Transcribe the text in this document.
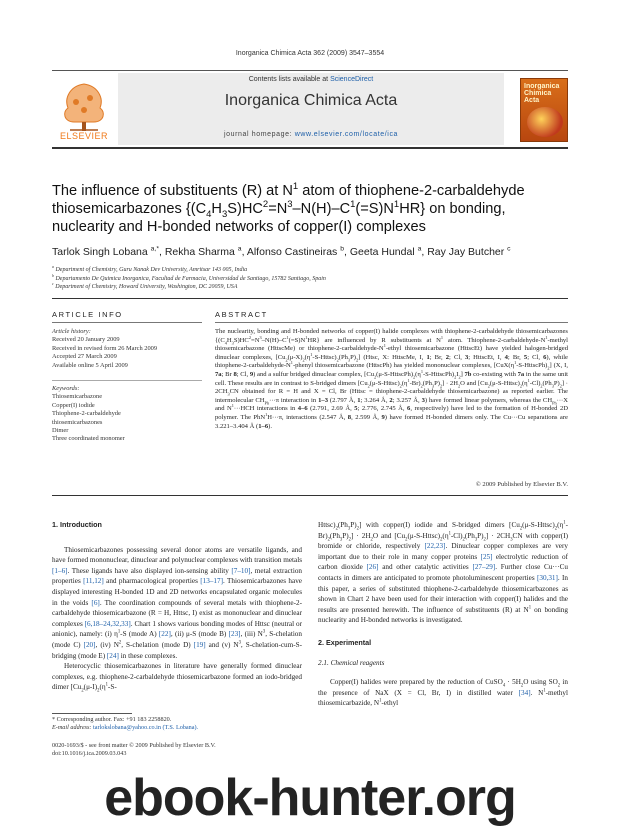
Inorganica Chimica Acta 362 (2009) 3547–3554
ELSEVIER
Contents lists available at ScienceDirect
Inorganica Chimica Acta
journal homepage: www.elsevier.com/locate/ica
Inorganica Chimica Acta
The influence of substituents (R) at $N^1$ atom of thiophene-2-carbaldehyde thiosemicarbazones $\{(C_4H_3S)HC^2=N^3-N(H)-C^1(=S)N^1HR\}$ on bonding, nuclearity and H-bonded networks of copper(I) complexes
Tarlok Singh Lobana $^{a,*}$, Rekha Sharma $^a$, Alfonso Castineiras $^b$, Geeta Hundal $^a$, Ray Jay Butcher $^c$
$^a$ Department of Chemistry, Guru Nanak Dev University, Amritsar 143 005, India
$^b$ Departamento De Quimica Inorganica, Facultad de Farmacia, Universidad de Santiago, 15782 Santiago, Spain
$^c$ Department of Chemistry, Howard University, Washington, DC 20059, USA
ARTICLE INFO
Article history:
Received 20 January 2009
Received in revised form 26 March 2009
Accepted 27 March 2009
Available online 5 April 2009
Keywords:
Thiosemicarbazone
Copper(I) iodide
Thiophene-2-carbaldehyde
thiosemicarbazones
Dimer
Three coordinated monomer
ABSTRACT
The nuclearity, bonding and H-bonded networks of copper(I) halide complexes with thiophene-2-carbaldehyde thiosemicarbazones $\{(C_4H_3S)HC^2=N^3-N(H)-C^1(=S)N^1HR\}$ are influenced by R substituents at $N^1$ atom. Thiophene-$2-carbaldehyde-N^1$-methyl thiosemicarbazone (HttscMe) or thiophene-$2-carbaldehyde-N^1$-ethyl thiosemicarbazone (HttscEt) have yielded halogen-bridged dinuclear complexes, $[Cu_2(\mu-X)_2(\eta^1-S-Httsc)_2(Ph_3P)_2]$ (Htsc, X: HttscMe, I, 1; Br, 2; Cl, 3; HttscEt, I, 4; Br, 5; Cl, 6), while thiophene-$2-carbaldehyde-N^1$-phenyl thiosemicarbazone (HttscPh) has yielded mononuclear complexes, $[CuX(\eta^1-S-HttscPh)_2]$ (X, I, 7a; Br 8; Cl, 9) and a sulfur bridged dinuclear complex, $[Cu_2(\mu-S-HttscPh)_2(\eta^1-S-HttscPh)_2I_2]$ 7b co-existing with 7a in the same unit cell. These results are in contrast to S-bridged dimers $[Cu_2(\mu-S-Httsc)_2(\eta^1-Br)_2(Ph_3P)_2] \cdot 2H_2O$ and $[Cu_2(\mu-S-Httsc)_2(\eta^1-Cl)_2(Ph_3P)_2] \cdot 2CH_3CN$ obtained for R = H and X = Cl, Br (Httsc = thiophene-2-carbaldehyde thiosemicarbazone) as reported earlier. The intermolecular $CH_{Ph}\cdot\cdot\cdot\pi$ interaction in 1–3 (2.797 Å, 1; 3.264 Å, 2; 3.257 Å, 3) have formed linear polymers, whereas the $CH_{Ph}\cdot\cdot\cdot X$ and $N^1\cdot\cdot\cdot HCH$ interactions in 4–6 (2.791, 2.69 Å, 5; 2.776, 2.745 Å, 6, respectively) have led to the formation of H-bonded 2D polymer. The PhN$^1$H···π, interactions (2.547 Å, 8, 2.599 Å, 9) have formed H-bonded dimers only. The Cu···Cu separations are 3.221–3.404 Å (1–6).
© 2009 Published by Elsevier B.V.
1. Introduction

Thiosemicarbazones possessing several donor atoms are versatile ligands, and have formed mononuclear, dinuclear and polynuclear complexes with transition metals [1–6]. These ligands have also displayed ion-sensing ability [7–10], metal extraction properties [11,12] and pharmacological properties [13–17]. Thiosemicarbazones have displayed interesting H-bonded 1D and 2D networks encapsulated organic molecules in the voids [6]. The coordination compounds of several metals with thiophene-2-carbaldehyde thiosemicarbazone (R = H, Httsc, I) exist as mononuclear and dinuclear complexes [6,18–24,32,33]. Chart 1 shows various bonding modes of Httsc (neutral or anionic), namely: (i) $\eta^1-S$ (mode A) [22], (ii) μ-S (mode B) [23], (iii) $N^3$, S-chelation (mode C) [20], (iv) $N^2$, S-chelation (mode D) [19] and (v) $N^3$, S-chelation-cum-S-bridging (mode E) [24] in these complexes.

Heterocyclic thiosemicarbazones in literature have generally formed dinuclear complexes, e.g. thiophene-2-carbaldehyde thiosemicarbazone formed an iodo-bridged dimer [$Cu_2(\mu-I)_2(\eta^1-S-$

$Httsc)_2(Ph_3P)_2$] with copper(I) iodide and S-bridged dimers $[Cu_2(\mu-S-Httsc)_2(\eta^1-Br)_2(Ph_3P)_2] \cdot 2H_2O$ and $[Cu_2(\mu-S-Httsc)_2(\eta^1-Cl)_2(Ph_3P)_2] \cdot 2CH_3CN$ with copper(I) bromide or chloride, respectively [22,23]. Dinuclear copper complexes are very important due to their role in many copper proteins [25] electrolytic reduction of carbon dioxide [26] and other catalytic activities [27–29]. Further close Cu···Cu contacts in dimers are anticipated to promote photoluminescent properties [30,31]. In this paper, a series of substituted thiophene-2-carbaldehyde thiosemicarbazones as shown in Chart 2 have been used for their interaction with copper(I) halides and the results are presented herewith. The influence of substituents (R) at $N^1$ on bonding nuclearity and H-bonded networks is investigated.

2. Experimental
2.1. Chemical reagents

Copper(I) halides were prepared by the reduction of CuSO$_4$ · $5H_2O$ using $SO_2$ in the presence of NaX (X = Cl, Br, I) in distilled water [34]. $N^1$-methyl thiosemicarbazide, $N^1$-ethyl

* Corresponding author. Fax: +91 183 2258820.
E-mail address: tarlokslobana@yahoo.co.in (T.S. Lobana).
0020-1693/$ - see front matter © 2009 Published by Elsevier B.V.
doi:10.1016/j.ica.2009.03.043
ebook-hunter.org
